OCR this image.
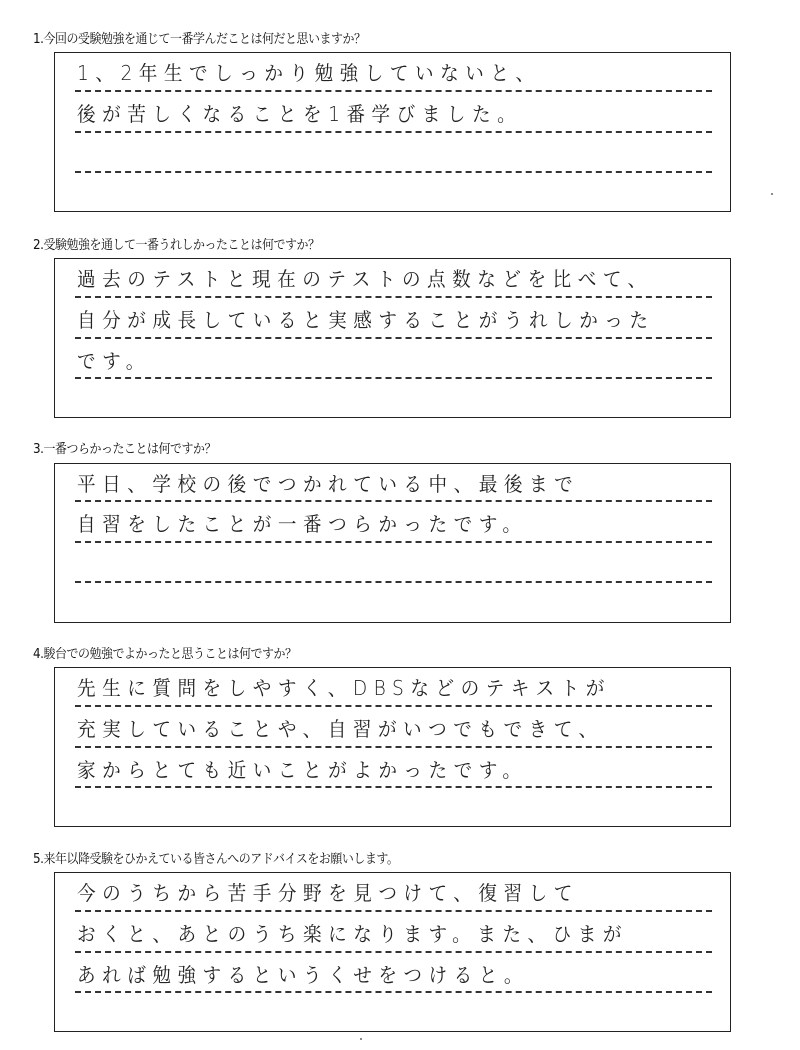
1.今回の受験勉強を通じて一番学んだことは何だと思いますか？
1、2年生でしっかり勉強していないと、
後が苦しくなることを1番学びました。
2.受験勉強を通して一番うれしかったことは何ですか？
過去のテストと現在のテストの点数などを比べて、
自分が成長していると実感することがうれしかった
です。
3.一番つらかったことは何ですか？
平日、学校の後でつかれている中、最後まで
自習をしたことが一番つらかったです。
4.駿台での勉強でよかったと思うことは何ですか？
先生に質問をしやすく、DBSなどのテキストが
充実していることや、自習がいつでもできて、
家からとても近いことがよかったです。
5.来年以降受験をひかえている皆さんへのアドバイスをお願いします。
今のうちから苦手分野を見つけて、復習して
おくと、あとのうち楽になります。また、ひまが
あれば勉強するというくせをつけると。
